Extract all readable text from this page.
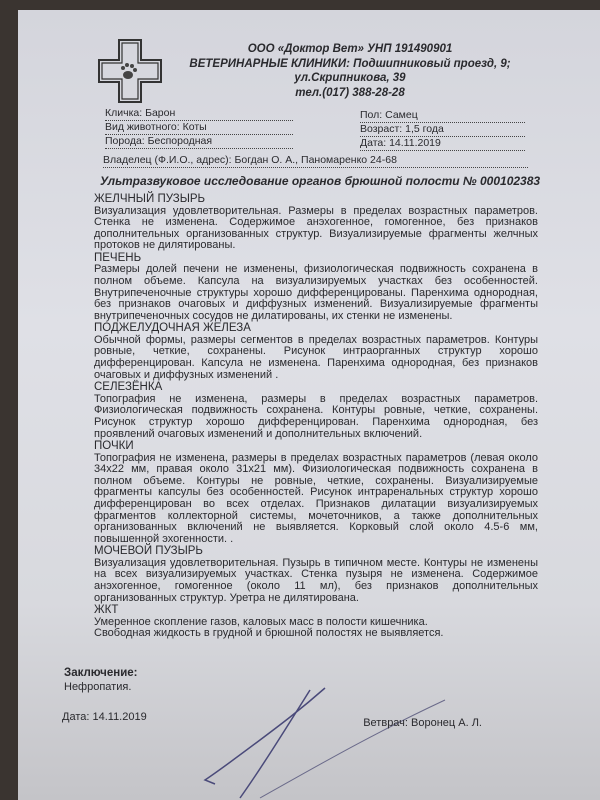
ООО «Доктор Вет» УНП 191490901
ВЕТЕРИНАРНЫЕ КЛИНИКИ: Подшипниковый проезд, 9;
ул.Скрипникова, 39
тел.(017) 388-28-28
Кличка: Барон
Вид животного: Коты
Порода: Беспородная
Пол: Самец
Возраст: 1,5 года
Дата: 14.11.2019
Владелец (Ф.И.О., адрес): Богдан О. А., Паномаренко 24-68
Ультразвуковое исследование органов брюшной полости № 000102383
ЖЕЛЧНЫЙ ПУЗЫРЬ

Визуализация удовлетворительная. Размеры в пределах возрастных параметров. Стенка не изменена. Содержимое анэхогенное, гомогенное, без признаков дополнительных организованных структур. Визуализируемые фрагменты желчных протоков не дилятированы.

ПЕЧЕНЬ

Размеры долей печени не изменены, физиологическая подвижность сохранена в полном объеме. Капсула на визуализируемых участках без особенностей. Внутрипеченочные структуры хорошо дифференцированы. Паренхима однородная, без признаков очаговых и диффузных изменений. Визуализируемые фрагменты внутрипеченочных сосудов не дилатированы, их стенки не изменены.

ПОДЖЕЛУДОЧНАЯ ЖЕЛЕЗА

Обычной формы, размеры сегментов в пределах возрастных параметров. Контуры ровные, четкие, сохранены. Рисунок интраорганных структур хорошо дифференцирован. Капсула не изменена. Паренхима однородная, без признаков очаговых и диффузных изменений .

СЕЛЕЗЁНКА

Топография не изменена, размеры в пределах возрастных параметров. Физиологическая подвижность сохранена. Контуры ровные, четкие, сохранены. Рисунок структур хорошо дифференцирован. Паренхима однородная, без проявлений очаговых изменений и дополнительных включений.

ПОЧКИ

Топография не изменена, размеры в пределах возрастных параметров (левая около 34х22 мм, правая около 31х21 мм). Физиологическая подвижность сохранена в полном объеме. Контуры не ровные, четкие, сохранены. Визуализируемые фрагменты капсулы без особенностей. Рисунок интраренальных структур хорошо дифференцирован во всех отделах. Признаков дилатации визуализируемых фрагментов коллекторной системы, мочеточников, а также дополнительных организованных включений не выявляется. Корковый слой около 4.5-6 мм, повышенной эхогенности. .

МОЧЕВОЙ ПУЗЫРЬ

Визуализация удовлетворительная. Пузырь в типичном месте. Контуры не изменены на всех визуализируемых участках. Стенка пузыря не изменена. Содержимое анэхогенное, гомогенное (около 11 мл), без признаков дополнительных организованных структур. Уретра не дилятирована.

ЖКТ

Умеренное скопление газов, каловых масс в полости кишечника. Свободная жидкость в грудной и брюшной полостях не выявляется.

Заключение:
Нефропатия.
Дата: 14.11.2019	Ветврач: Воронец А. Л.
